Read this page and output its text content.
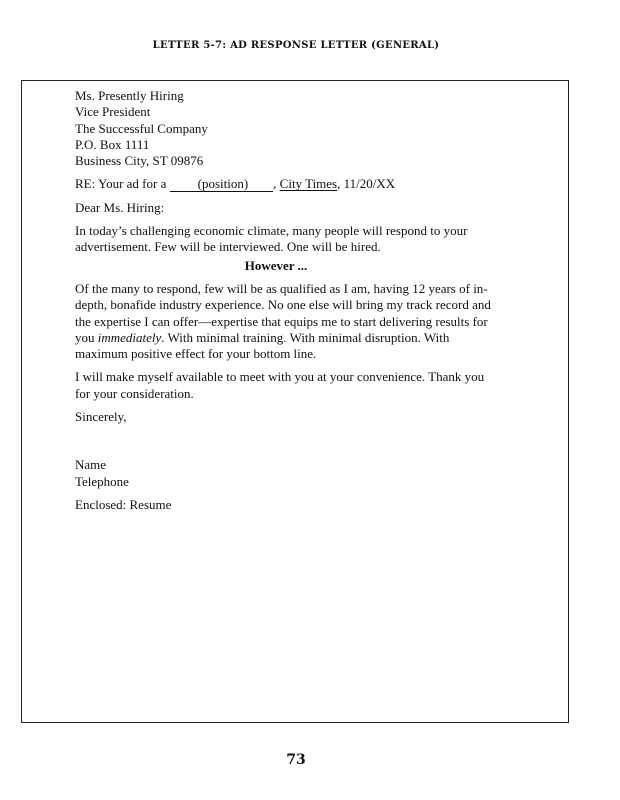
LETTER 5-7: AD RESPONSE LETTER (GENERAL)
Ms. Presently Hiring
Vice President
The Successful Company
P.O. Box 1111
Business City, ST 09876
RE: Your ad for a (position) , City Times, 11/20/XX
Dear Ms. Hiring:
In today’s challenging economic climate, many people will respond to your advertisement. Few will be interviewed. One will be hired.
However ...
Of the many to respond, few will be as qualified as I am, having 12 years of in-depth, bonafide industry experience. No one else will bring my track record and the expertise I can offer—expertise that equips me to start delivering results for you immediately. With minimal training. With minimal disruption. With maximum positive effect for your bottom line.
I will make myself available to meet with you at your convenience. Thank you for your consideration.
Sincerely,
Name
Telephone
Enclosed: Resume
73
